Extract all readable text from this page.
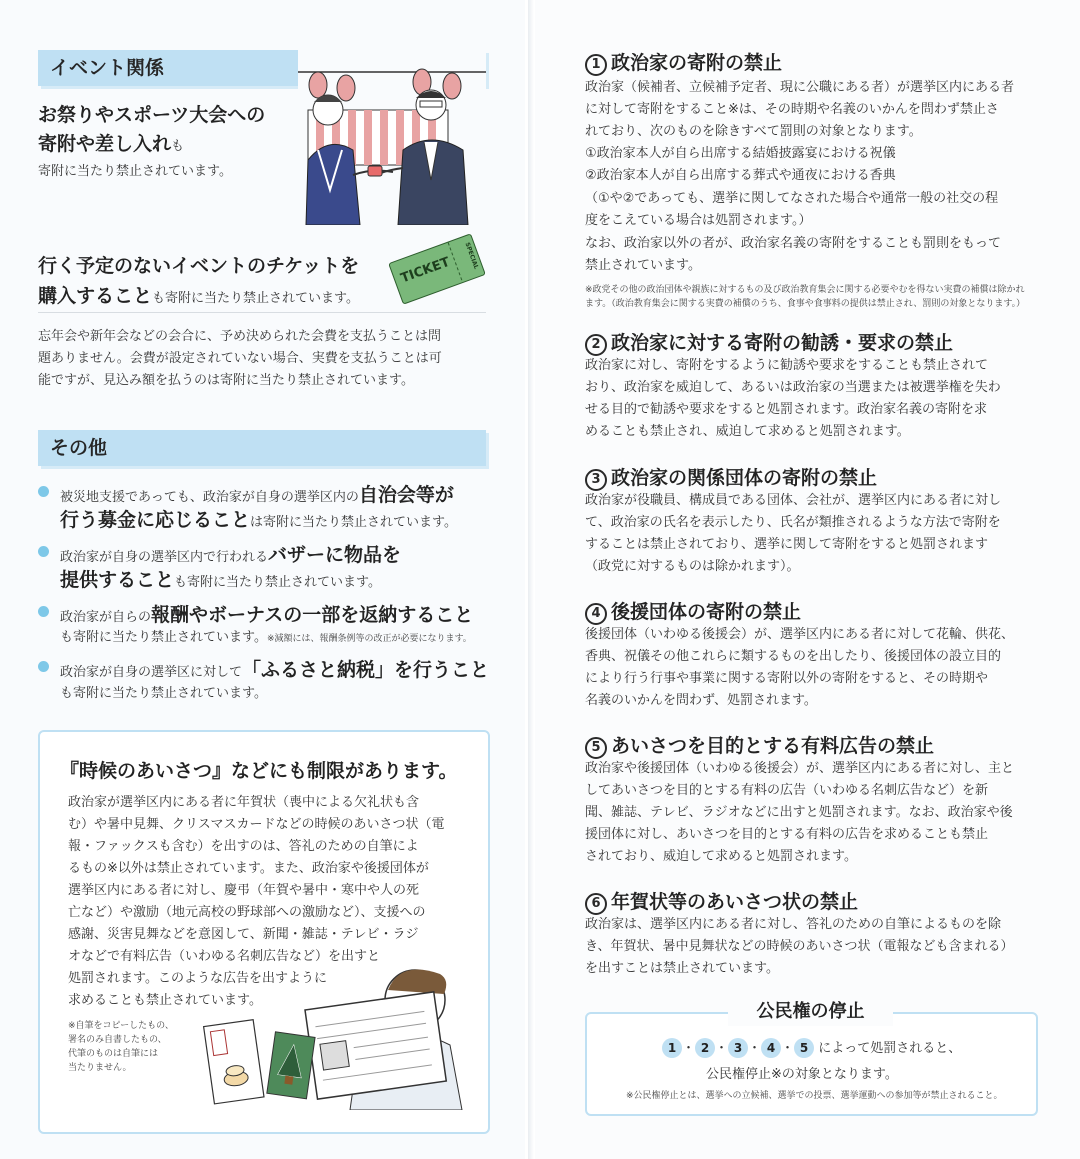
イベント関係
お祭りやスポーツ大会への
寄附や差し入れも
寄附に当たり禁止されています。
行く予定のないイベントのチケットを
購入することも寄附に当たり禁止されています。
TICKET SPECIAL
忘年会や新年会などの会合に、予め決められた会費を支払うことは問
題ありません。会費が設定されていない場合、実費を支払うことは可
能ですが、見込み額を払うのは寄附に当たり禁止されています。
その他
被災地支援であっても、政治家が自身の選挙区内の自治会等が
行う募金に応じることは寄附に当たり禁止されています。
政治家が自身の選挙区内で行われるバザーに物品を
提供することも寄附に当たり禁止されています。
政治家が自らの報酬やボーナスの一部を返納すること
も寄附に当たり禁止されています。※減額には、報酬条例等の改正が必要になります。
政治家が自身の選挙区に対して「ふるさと納税」を行うこと
も寄附に当たり禁止されています。
『時候のあいさつ』などにも制限があります。
政治家が選挙区内にある者に年賀状（喪中による欠礼状も含
む）や暑中見舞、クリスマスカードなどの時候のあいさつ状（電
報・ファックスも含む）を出すのは、答礼のための自筆によ
るもの※以外は禁止されています。また、政治家や後援団体が
選挙区内にある者に対し、慶弔（年賀や暑中・寒中や人の死
亡など）や激励（地元高校の野球部への激励など）、支援への
感謝、災害見舞などを意図して、新聞・雑誌・テレビ・ラジ
オなどで有料広告（いわゆる名刺広告など）を出すと
処罰されます。このような広告を出すように
求めることも禁止されています。
※自筆をコピーしたもの、
署名のみ自書したもの、
代筆のものは自筆には
当たりません。
1 政治家の寄附の禁止
政治家（候補者、立候補予定者、現に公職にある者）が選挙区内にある者
に対して寄附をすること※は、その時期や名義のいかんを問わず禁止さ
れており、次のものを除きすべて罰則の対象となります。
①政治家本人が自ら出席する結婚披露宴における祝儀
②政治家本人が自ら出席する葬式や通夜における香典
（①や②であっても、選挙に関してなされた場合や通常一般の社交の程
度をこえている場合は処罰されます。）
なお、政治家以外の者が、政治家名義の寄附をすることも罰則をもって
禁止されています。
※政党その他の政治団体や親族に対するもの及び政治教育集会に関する必要やむを得ない実費の補償は除かれ
ます。（政治教育集会に関する実費の補償のうち、食事や食事料の提供は禁止され、罰則の対象となります。）
2 政治家に対する寄附の勧誘・要求の禁止
政治家に対し、寄附をするように勧誘や要求をすることも禁止されて
おり、政治家を威迫して、あるいは政治家の当選または被選挙権を失わ
せる目的で勧誘や要求をすると処罰されます。政治家名義の寄附を求
めることも禁止され、威迫して求めると処罰されます。
3 政治家の関係団体の寄附の禁止
政治家が役職員、構成員である団体、会社が、選挙区内にある者に対し
て、政治家の氏名を表示したり、氏名が類推されるような方法で寄附を
することは禁止されており、選挙に関して寄附をすると処罰されます
（政党に対するものは除かれます）。
4 後援団体の寄附の禁止
後援団体（いわゆる後援会）が、選挙区内にある者に対して花輪、供花、
香典、祝儀その他これらに類するものを出したり、後援団体の設立目的
により行う行事や事業に関する寄附以外の寄附をすると、その時期や
名義のいかんを問わず、処罰されます。
5 あいさつを目的とする有料広告の禁止
政治家や後援団体（いわゆる後援会）が、選挙区内にある者に対し、主と
してあいさつを目的とする有料の広告（いわゆる名刺広告など）を新
聞、雑誌、テレビ、ラジオなどに出すと処罰されます。なお、政治家や後
援団体に対し、あいさつを目的とする有料の広告を求めることも禁止
されており、威迫して求めると処罰されます。
6 年賀状等のあいさつ状の禁止
政治家は、選挙区内にある者に対し、答礼のための自筆によるものを除
き、年賀状、暑中見舞状などの時候のあいさつ状（電報なども含まれる）
を出すことは禁止されています。
公民権の停止
1 ・ 2 ・ 3 ・ 4 ・ 5 によって処罰されると、
公民権停止※の対象となります。
※公民権停止とは、選挙への立候補、選挙での投票、選挙運動への参加等が禁止されること。
